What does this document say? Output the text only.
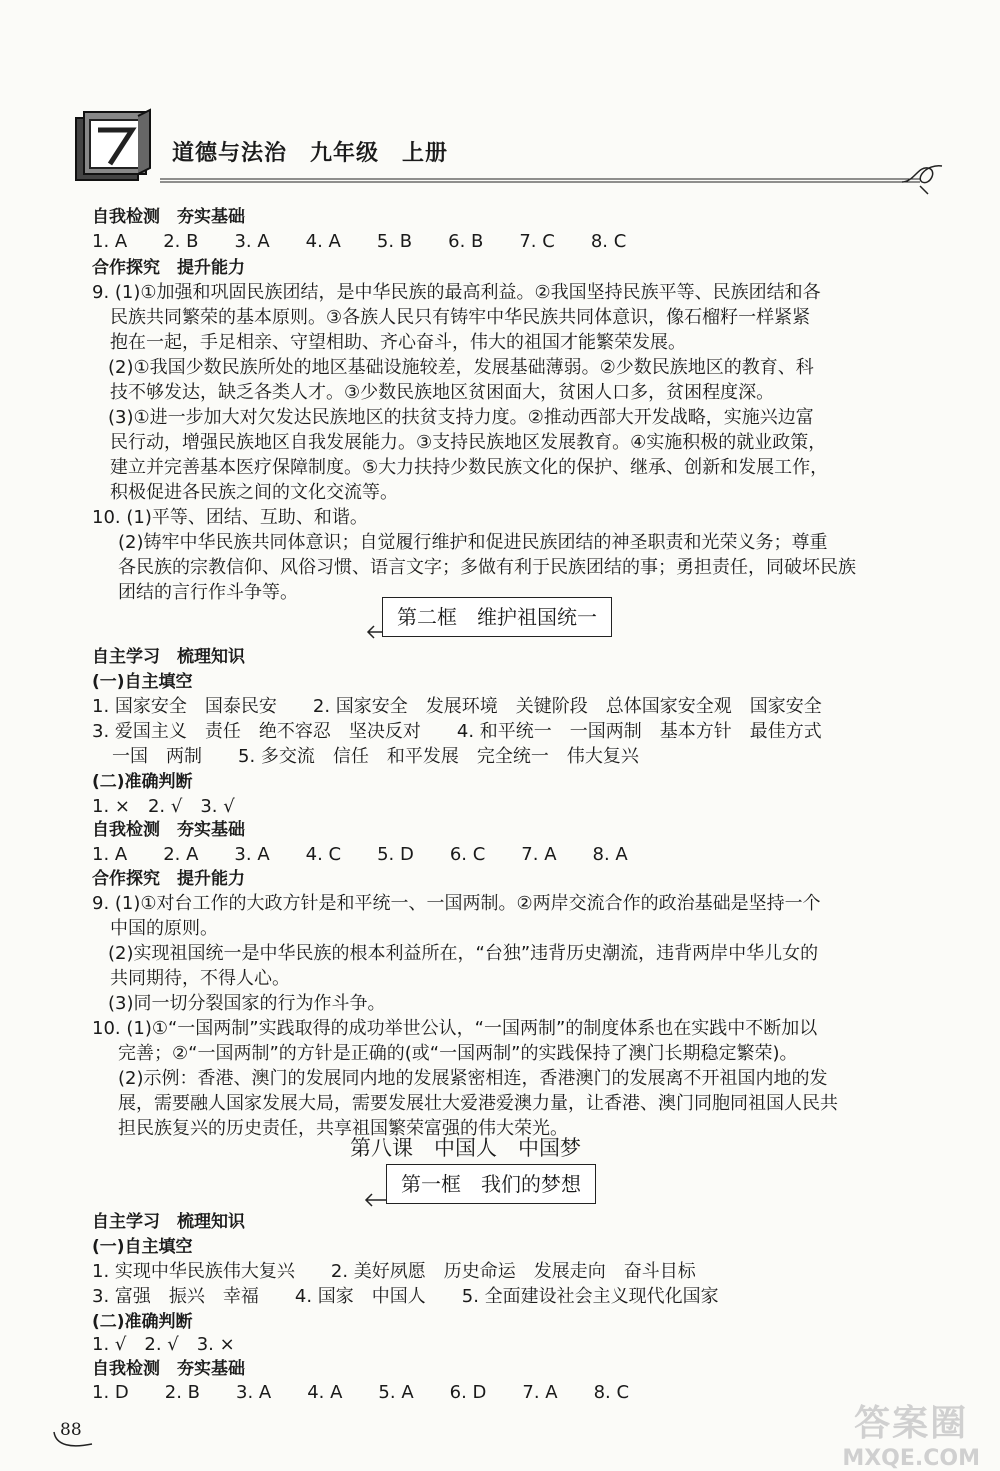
道德与法治　九年级　上册
自我检测　夯实基础
1. A　　2. B　　3. A　　4. A　　5. B　　6. B　　7. C　　8. C
合作探究　提升能力
9. (1)①加强和巩固民族团结，是中华民族的最高利益。②我国坚持民族平等、民族团结和各
民族共同繁荣的基本原则。③各族人民只有铸牢中华民族共同体意识，像石榴籽一样紧紧
抱在一起，手足相亲、守望相助、齐心奋斗，伟大的祖国才能繁荣发展。
(2)①我国少数民族所处的地区基础设施较差，发展基础薄弱。②少数民族地区的教育、科
技不够发达，缺乏各类人才。③少数民族地区贫困面大，贫困人口多，贫困程度深。
(3)①进一步加大对欠发达民族地区的扶贫支持力度。②推动西部大开发战略，实施兴边富
民行动，增强民族地区自我发展能力。③支持民族地区发展教育。④实施积极的就业政策，
建立并完善基本医疗保障制度。⑤大力扶持少数民族文化的保护、继承、创新和发展工作，
积极促进各民族之间的文化交流等。
10. (1)平等、团结、互助、和谐。
(2)铸牢中华民族共同体意识；自觉履行维护和促进民族团结的神圣职责和光荣义务；尊重
各民族的宗教信仰、风俗习惯、语言文字；多做有利于民族团结的事；勇担责任，同破坏民族
团结的言行作斗争等。
自主学习　梳理知识
(一)自主填空
1. 国家安全　国泰民安　　2. 国家安全　发展环境　关键阶段　总体国家安全观　国家安全
3. 爱国主义　责任　绝不容忍　坚决反对　　4. 和平统一　一国两制　基本方针　最佳方式
一国　两制　　5. 多交流　信任　和平发展　完全统一　伟大复兴
(二)准确判断
1. ×　2. √　3. √
自我检测　夯实基础
1. A　　2. A　　3. A　　4. C　　5. D　　6. C　　7. A　　8. A
合作探究　提升能力
9. (1)①对台工作的大政方针是和平统一、一国两制。②两岸交流合作的政治基础是坚持一个
中国的原则。
(2)实现祖国统一是中华民族的根本利益所在，“台独”违背历史潮流，违背两岸中华儿女的
共同期待，不得人心。
(3)同一切分裂国家的行为作斗争。
10. (1)①“一国两制”实践取得的成功举世公认，“一国两制”的制度体系也在实践中不断加以
完善；②“一国两制”的方针是正确的(或“一国两制”的实践保持了澳门长期稳定繁荣)。
(2)示例：香港、澳门的发展同内地的发展紧密相连，香港澳门的发展离不开祖国内地的发
展，需要融人国家发展大局，需要发展壮大爱港爱澳力量，让香港、澳门同胞同祖国人民共
担民族复兴的历史责任，共享祖国繁荣富强的伟大荣光。
自主学习　梳理知识
(一)自主填空
1. 实现中华民族伟大复兴　　2. 美好夙愿　历史命运　发展走向　奋斗目标
3. 富强　振兴　幸福　　4. 国家　中国人　　5. 全面建设社会主义现代化国家
(二)准确判断
1. √　2. √　3. ×
自我检测　夯实基础
1. D　　2. B　　3. A　　4. A　　5. A　　6. D　　7. A　　8. C
第二框　维护祖国统一
第八课　中国人　中国梦
第一框　我们的梦想
88	答案圈
MXQE.COM
